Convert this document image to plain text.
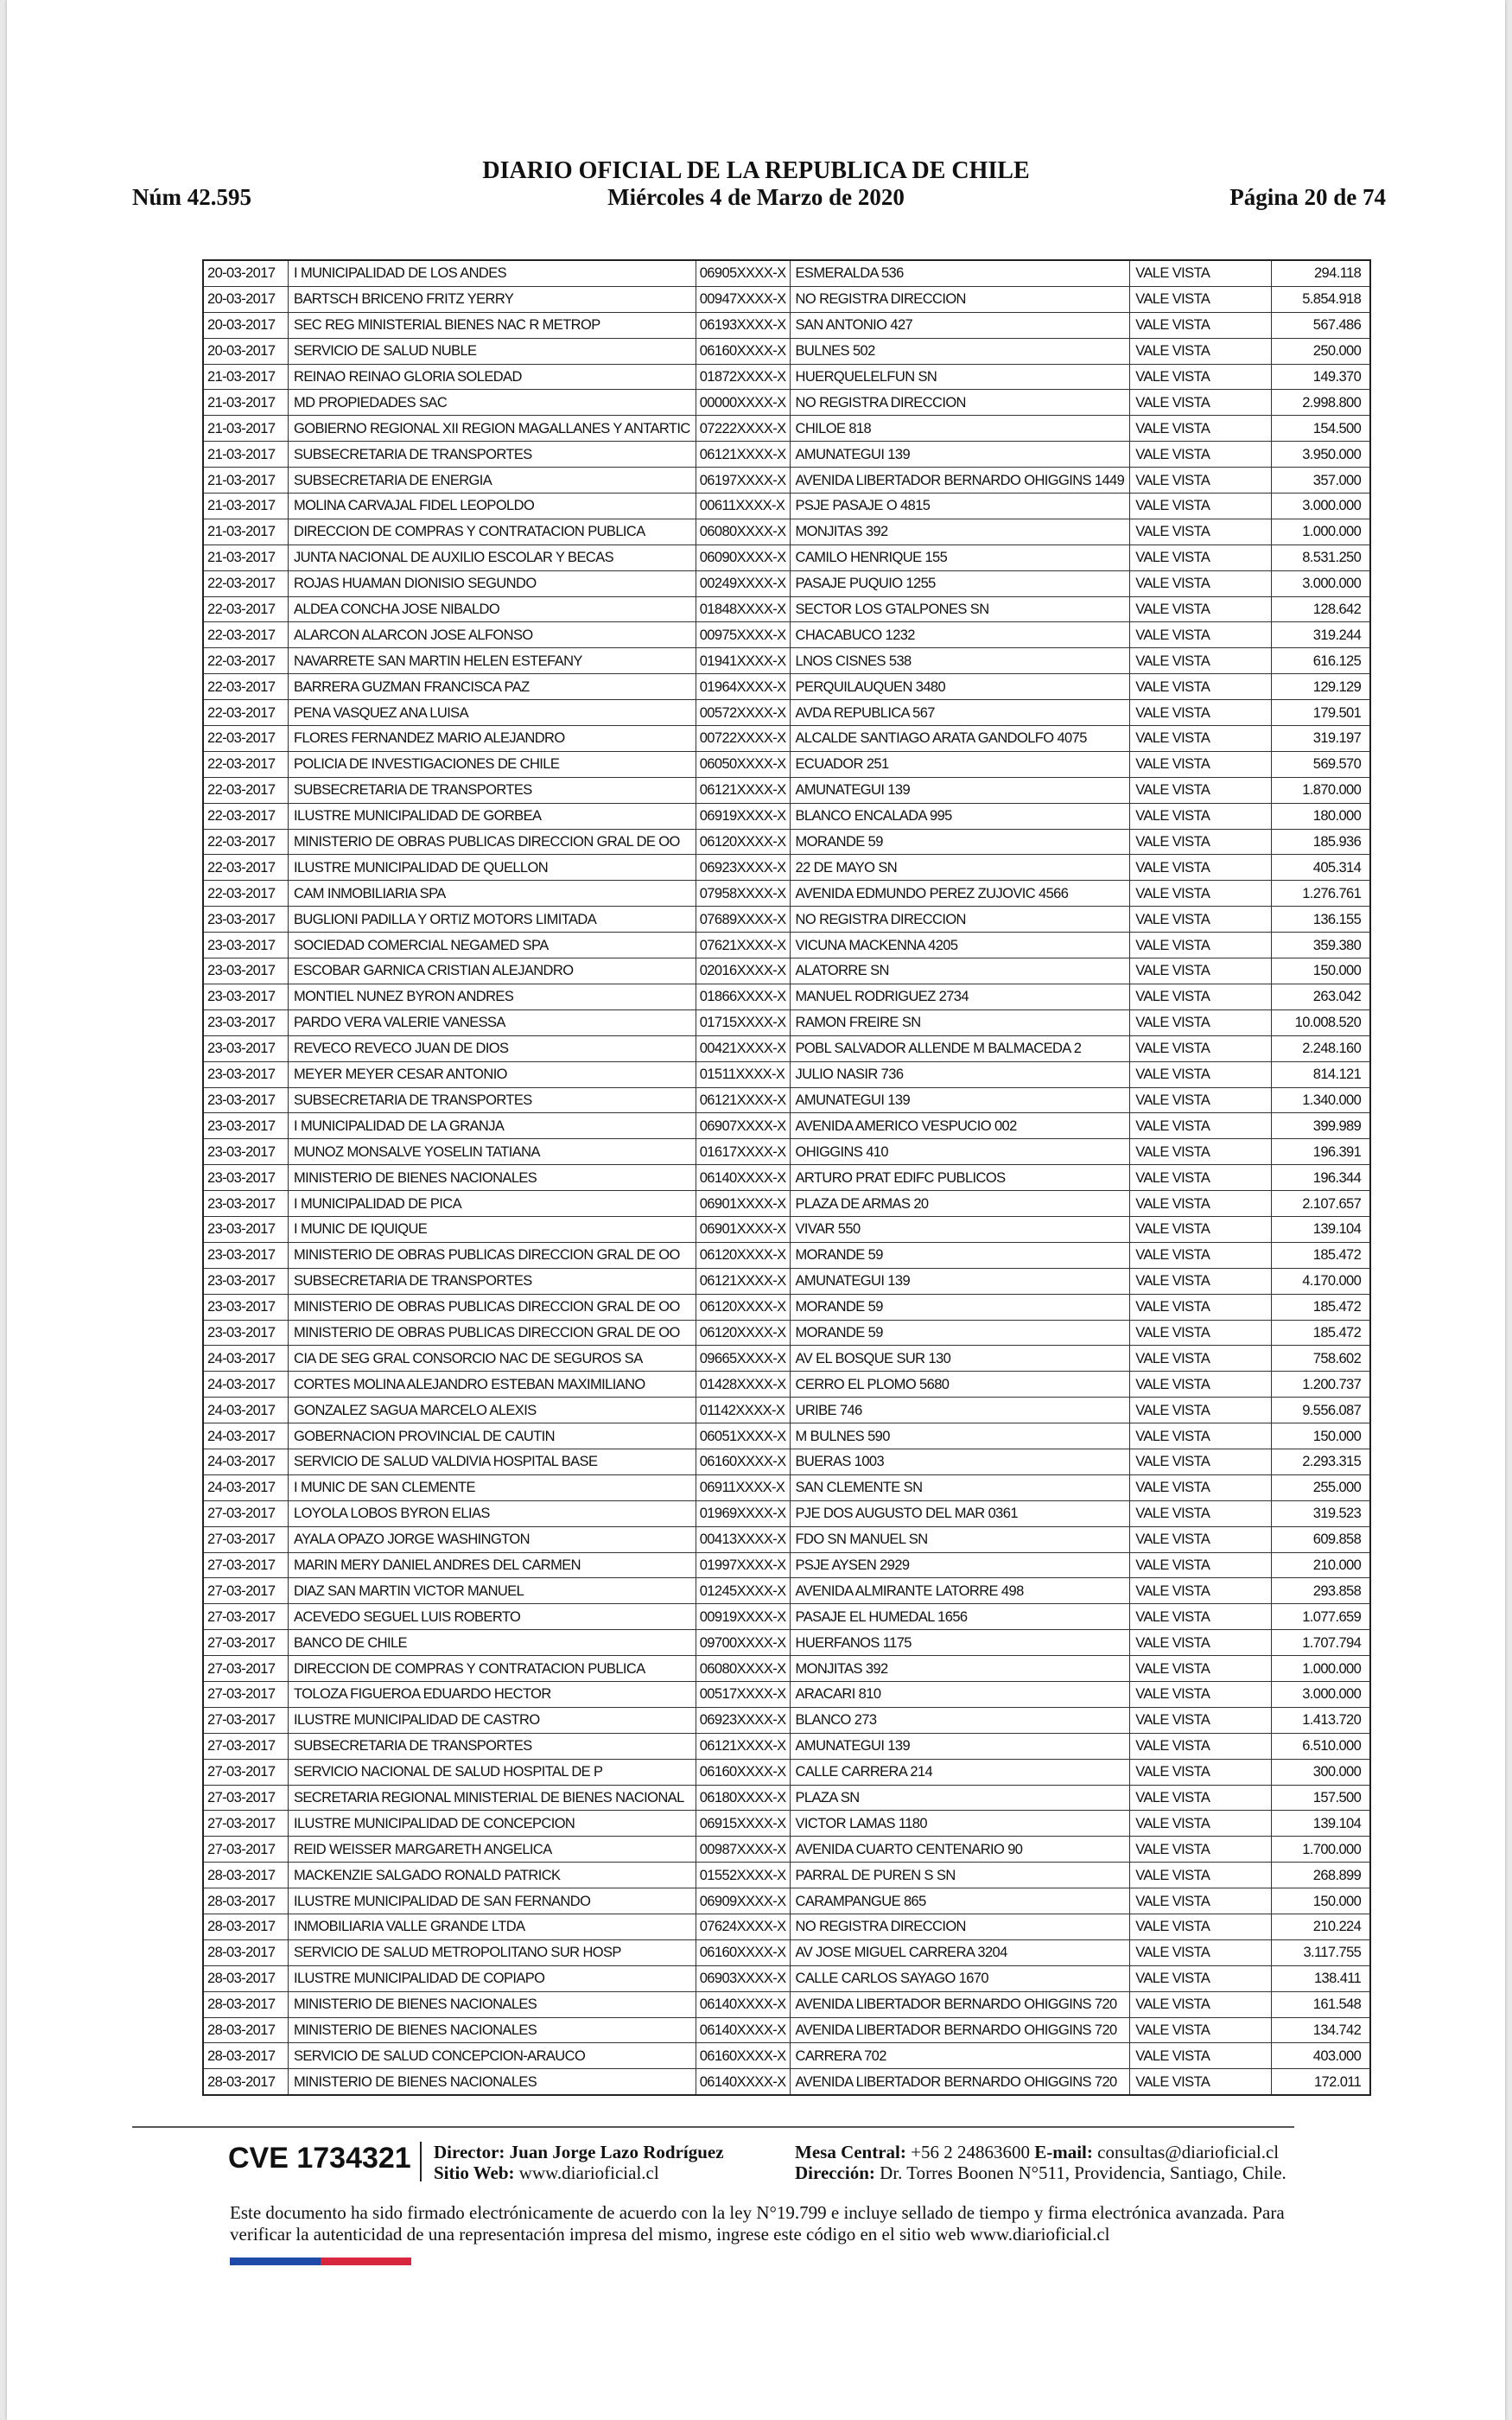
DIARIO OFICIAL DE LA REPUBLICA DE CHILE
Núm 42.595	Miércoles 4 de Marzo de 2020	Página 20 de 74
20-03-2017	I MUNICIPALIDAD DE LOS ANDES	06905XXXX-X	ESMERALDA 536	VALE VISTA	294.118
20-03-2017	BARTSCH BRICENO FRITZ YERRY	00947XXXX-X	NO REGISTRA DIRECCION	VALE VISTA	5.854.918
20-03-2017	SEC REG MINISTERIAL BIENES NAC R METROP	06193XXXX-X	SAN ANTONIO 427	VALE VISTA	567.486
20-03-2017	SERVICIO DE SALUD NUBLE	06160XXXX-X	BULNES 502	VALE VISTA	250.000
21-03-2017	REINAO REINAO GLORIA SOLEDAD	01872XXXX-X	HUERQUELELFUN SN	VALE VISTA	149.370
21-03-2017	MD PROPIEDADES SAC	00000XXXX-X	NO REGISTRA DIRECCION	VALE VISTA	2.998.800
21-03-2017	GOBIERNO REGIONAL XII REGION MAGALLANES Y ANTARTIC	07222XXXX-X	CHILOE 818	VALE VISTA	154.500
21-03-2017	SUBSECRETARIA DE TRANSPORTES	06121XXXX-X	AMUNATEGUI 139	VALE VISTA	3.950.000
21-03-2017	SUBSECRETARIA DE ENERGIA	06197XXXX-X	AVENIDA LIBERTADOR BERNARDO OHIGGINS 1449	VALE VISTA	357.000
21-03-2017	MOLINA CARVAJAL FIDEL LEOPOLDO	00611XXXX-X	PSJE PASAJE O 4815	VALE VISTA	3.000.000
21-03-2017	DIRECCION DE COMPRAS Y CONTRATACION PUBLICA	06080XXXX-X	MONJITAS 392	VALE VISTA	1.000.000
21-03-2017	JUNTA NACIONAL DE AUXILIO ESCOLAR Y BECAS	06090XXXX-X	CAMILO HENRIQUE 155	VALE VISTA	8.531.250
22-03-2017	ROJAS HUAMAN DIONISIO SEGUNDO	00249XXXX-X	PASAJE PUQUIO 1255	VALE VISTA	3.000.000
22-03-2017	ALDEA CONCHA JOSE NIBALDO	01848XXXX-X	SECTOR LOS GTALPONES SN	VALE VISTA	128.642
22-03-2017	ALARCON ALARCON JOSE ALFONSO	00975XXXX-X	CHACABUCO 1232	VALE VISTA	319.244
22-03-2017	NAVARRETE SAN MARTIN HELEN ESTEFANY	01941XXXX-X	LNOS CISNES 538	VALE VISTA	616.125
22-03-2017	BARRERA GUZMAN FRANCISCA PAZ	01964XXXX-X	PERQUILAUQUEN 3480	VALE VISTA	129.129
22-03-2017	PENA VASQUEZ ANA LUISA	00572XXXX-X	AVDA REPUBLICA 567	VALE VISTA	179.501
22-03-2017	FLORES FERNANDEZ MARIO ALEJANDRO	00722XXXX-X	ALCALDE SANTIAGO ARATA GANDOLFO 4075	VALE VISTA	319.197
22-03-2017	POLICIA DE INVESTIGACIONES DE CHILE	06050XXXX-X	ECUADOR 251	VALE VISTA	569.570
22-03-2017	SUBSECRETARIA DE TRANSPORTES	06121XXXX-X	AMUNATEGUI 139	VALE VISTA	1.870.000
22-03-2017	ILUSTRE MUNICIPALIDAD DE GORBEA	06919XXXX-X	BLANCO ENCALADA 995	VALE VISTA	180.000
22-03-2017	MINISTERIO DE OBRAS PUBLICAS DIRECCION GRAL DE OO	06120XXXX-X	MORANDE 59	VALE VISTA	185.936
22-03-2017	ILUSTRE MUNICIPALIDAD DE QUELLON	06923XXXX-X	22 DE MAYO SN	VALE VISTA	405.314
22-03-2017	CAM INMOBILIARIA SPA	07958XXXX-X	AVENIDA EDMUNDO PEREZ ZUJOVIC 4566	VALE VISTA	1.276.761
23-03-2017	BUGLIONI PADILLA Y ORTIZ MOTORS LIMITADA	07689XXXX-X	NO REGISTRA DIRECCION	VALE VISTA	136.155
23-03-2017	SOCIEDAD COMERCIAL NEGAMED SPA	07621XXXX-X	VICUNA MACKENNA 4205	VALE VISTA	359.380
23-03-2017	ESCOBAR GARNICA CRISTIAN ALEJANDRO	02016XXXX-X	ALATORRE SN	VALE VISTA	150.000
23-03-2017	MONTIEL NUNEZ BYRON ANDRES	01866XXXX-X	MANUEL RODRIGUEZ 2734	VALE VISTA	263.042
23-03-2017	PARDO VERA VALERIE VANESSA	01715XXXX-X	RAMON FREIRE SN	VALE VISTA	10.008.520
23-03-2017	REVECO REVECO JUAN DE DIOS	00421XXXX-X	POBL SALVADOR ALLENDE M BALMACEDA 2	VALE VISTA	2.248.160
23-03-2017	MEYER MEYER CESAR ANTONIO	01511XXXX-X	JULIO NASIR 736	VALE VISTA	814.121
23-03-2017	SUBSECRETARIA DE TRANSPORTES	06121XXXX-X	AMUNATEGUI 139	VALE VISTA	1.340.000
23-03-2017	I MUNICIPALIDAD DE LA GRANJA	06907XXXX-X	AVENIDA AMERICO VESPUCIO 002	VALE VISTA	399.989
23-03-2017	MUNOZ MONSALVE YOSELIN TATIANA	01617XXXX-X	OHIGGINS 410	VALE VISTA	196.391
23-03-2017	MINISTERIO DE BIENES NACIONALES	06140XXXX-X	ARTURO PRAT EDIFC PUBLICOS	VALE VISTA	196.344
23-03-2017	I MUNICIPALIDAD DE PICA	06901XXXX-X	PLAZA DE ARMAS 20	VALE VISTA	2.107.657
23-03-2017	I MUNIC DE IQUIQUE	06901XXXX-X	VIVAR 550	VALE VISTA	139.104
23-03-2017	MINISTERIO DE OBRAS PUBLICAS DIRECCION GRAL DE OO	06120XXXX-X	MORANDE 59	VALE VISTA	185.472
23-03-2017	SUBSECRETARIA DE TRANSPORTES	06121XXXX-X	AMUNATEGUI 139	VALE VISTA	4.170.000
23-03-2017	MINISTERIO DE OBRAS PUBLICAS DIRECCION GRAL DE OO	06120XXXX-X	MORANDE 59	VALE VISTA	185.472
23-03-2017	MINISTERIO DE OBRAS PUBLICAS DIRECCION GRAL DE OO	06120XXXX-X	MORANDE 59	VALE VISTA	185.472
24-03-2017	CIA DE SEG GRAL CONSORCIO NAC DE SEGUROS SA	09665XXXX-X	AV EL BOSQUE SUR 130	VALE VISTA	758.602
24-03-2017	CORTES MOLINA ALEJANDRO ESTEBAN MAXIMILIANO	01428XXXX-X	CERRO EL PLOMO 5680	VALE VISTA	1.200.737
24-03-2017	GONZALEZ SAGUA MARCELO ALEXIS	01142XXXX-X	URIBE 746	VALE VISTA	9.556.087
24-03-2017	GOBERNACION PROVINCIAL DE CAUTIN	06051XXXX-X	M BULNES 590	VALE VISTA	150.000
24-03-2017	SERVICIO DE SALUD VALDIVIA HOSPITAL BASE	06160XXXX-X	BUERAS 1003	VALE VISTA	2.293.315
24-03-2017	I MUNIC DE SAN CLEMENTE	06911XXXX-X	SAN CLEMENTE SN	VALE VISTA	255.000
27-03-2017	LOYOLA LOBOS BYRON ELIAS	01969XXXX-X	PJE DOS AUGUSTO DEL MAR 0361	VALE VISTA	319.523
27-03-2017	AYALA OPAZO JORGE WASHINGTON	00413XXXX-X	FDO SN MANUEL SN	VALE VISTA	609.858
27-03-2017	MARIN MERY DANIEL ANDRES DEL CARMEN	01997XXXX-X	PSJE AYSEN 2929	VALE VISTA	210.000
27-03-2017	DIAZ SAN MARTIN VICTOR MANUEL	01245XXXX-X	AVENIDA ALMIRANTE LATORRE 498	VALE VISTA	293.858
27-03-2017	ACEVEDO SEGUEL LUIS ROBERTO	00919XXXX-X	PASAJE EL HUMEDAL 1656	VALE VISTA	1.077.659
27-03-2017	BANCO DE CHILE	09700XXXX-X	HUERFANOS 1175	VALE VISTA	1.707.794
27-03-2017	DIRECCION DE COMPRAS Y CONTRATACION PUBLICA	06080XXXX-X	MONJITAS 392	VALE VISTA	1.000.000
27-03-2017	TOLOZA FIGUEROA EDUARDO HECTOR	00517XXXX-X	ARACARI 810	VALE VISTA	3.000.000
27-03-2017	ILUSTRE MUNICIPALIDAD DE CASTRO	06923XXXX-X	BLANCO 273	VALE VISTA	1.413.720
27-03-2017	SUBSECRETARIA DE TRANSPORTES	06121XXXX-X	AMUNATEGUI 139	VALE VISTA	6.510.000
27-03-2017	SERVICIO NACIONAL DE SALUD HOSPITAL DE P	06160XXXX-X	CALLE CARRERA 214	VALE VISTA	300.000
27-03-2017	SECRETARIA REGIONAL MINISTERIAL DE BIENES NACIONAL	06180XXXX-X	PLAZA SN	VALE VISTA	157.500
27-03-2017	ILUSTRE MUNICIPALIDAD DE CONCEPCION	06915XXXX-X	VICTOR LAMAS 1180	VALE VISTA	139.104
27-03-2017	REID WEISSER MARGARETH ANGELICA	00987XXXX-X	AVENIDA CUARTO CENTENARIO 90	VALE VISTA	1.700.000
28-03-2017	MACKENZIE SALGADO RONALD PATRICK	01552XXXX-X	PARRAL DE PUREN S SN	VALE VISTA	268.899
28-03-2017	ILUSTRE MUNICIPALIDAD DE SAN FERNANDO	06909XXXX-X	CARAMPANGUE 865	VALE VISTA	150.000
28-03-2017	INMOBILIARIA VALLE GRANDE LTDA	07624XXXX-X	NO REGISTRA DIRECCION	VALE VISTA	210.224
28-03-2017	SERVICIO DE SALUD METROPOLITANO SUR HOSP	06160XXXX-X	AV JOSE MIGUEL CARRERA 3204	VALE VISTA	3.117.755
28-03-2017	ILUSTRE MUNICIPALIDAD DE COPIAPO	06903XXXX-X	CALLE CARLOS SAYAGO 1670	VALE VISTA	138.411
28-03-2017	MINISTERIO DE BIENES NACIONALES	06140XXXX-X	AVENIDA LIBERTADOR BERNARDO OHIGGINS 720	VALE VISTA	161.548
28-03-2017	MINISTERIO DE BIENES NACIONALES	06140XXXX-X	AVENIDA LIBERTADOR BERNARDO OHIGGINS 720	VALE VISTA	134.742
28-03-2017	SERVICIO DE SALUD CONCEPCION-ARAUCO	06160XXXX-X	CARRERA 702	VALE VISTA	403.000
28-03-2017	MINISTERIO DE BIENES NACIONALES	06140XXXX-X	AVENIDA LIBERTADOR BERNARDO OHIGGINS 720	VALE VISTA	172.011
CVE 1734321 Director: Juan Jorge Lazo Rodríguez
Sitio Web: www.diarioficial.cl
Mesa Central: +56 2 24863600 E-mail: consultas@diarioficial.cl
Dirección: Dr. Torres Boonen N°511, Providencia, Santiago, Chile.
Este documento ha sido firmado electrónicamente de acuerdo con la ley N°19.799 e incluye sellado de tiempo y firma electrónica avanzada. Para verificar la autenticidad de una representación impresa del mismo, ingrese este código en el sitio web www.diarioficial.cl
